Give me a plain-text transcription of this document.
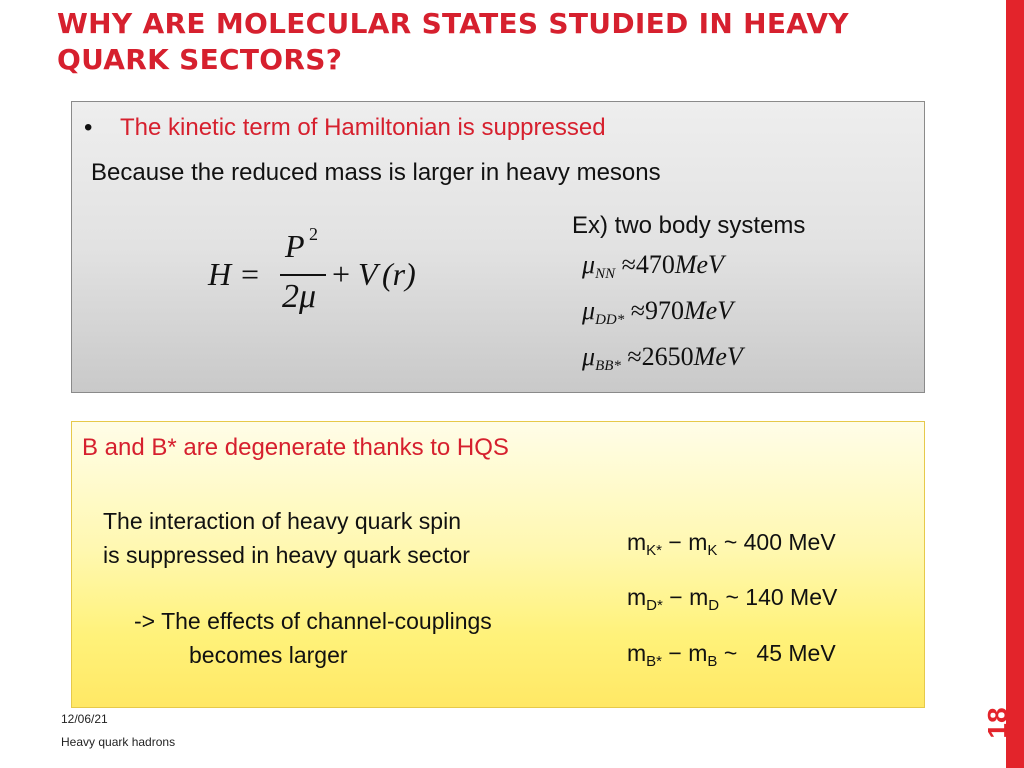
WHY ARE MOLECULAR STATES STUDIED IN HEAVY
QUARK SECTORS?
18
• The kinetic term of Hamiltonian is suppressed
Because the reduced mass is larger in heavy mesons
Ex) two body systems
H =
P 2
2μ
+ V (r)	$\mu_{NN} \approx 470MeV$
$\mu_{DD*} \approx 970MeV$
$\mu_{BB*} \approx 2650MeV$
B and B* are degenerate thanks to HQS
The interaction of heavy quark spin
is suppressed in heavy quark sector
-> The effects of channel-couplings
becomes larger
$m_{K*} - m_K$ ~ 400 MeV
$m_{D*} - m_D$ ~ 140 MeV
$m_{B*} - m_B$ ~   45 MeV
12/06/21
Heavy quark hadrons
